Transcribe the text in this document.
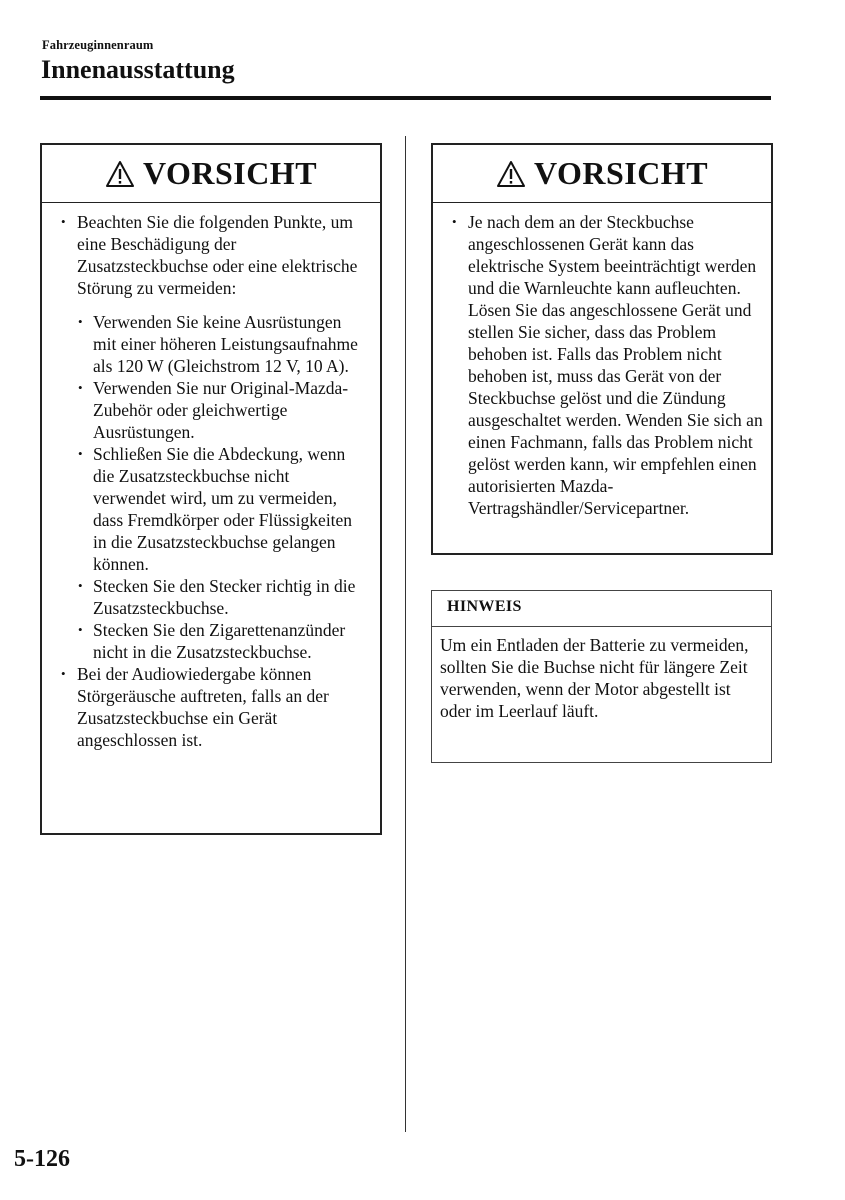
Fahrzeuginnenraum
Innenausstattung
VORSICHT
• Beachten Sie die folgenden Punkte, um eine Beschädigung der Zusatzsteckbuchse oder eine elektrische Störung zu vermeiden:
• Verwenden Sie keine Ausrüstungen mit einer höheren Leistungsaufnahme als 120 W (Gleichstrom 12 V, 10 A).
• Verwenden Sie nur Original-Mazda-Zubehör oder gleichwertige Ausrüstungen.
• Schließen Sie die Abdeckung, wenn die Zusatzsteckbuchse nicht verwendet wird, um zu vermeiden, dass Fremdkörper oder Flüssigkeiten in die Zusatzsteckbuchse gelangen können.
• Stecken Sie den Stecker richtig in die Zusatzsteckbuchse.
• Stecken Sie den Zigarettenanzünder nicht in die Zusatzsteckbuchse.
• Bei der Audiowiedergabe können Störgeräusche auftreten, falls an der Zusatzsteckbuchse ein Gerät angeschlossen ist.
VORSICHT
• Je nach dem an der Steckbuchse angeschlossenen Gerät kann das elektrische System beeinträchtigt werden und die Warnleuchte kann aufleuchten. Lösen Sie das angeschlossene Gerät und stellen Sie sicher, dass das Problem behoben ist. Falls das Problem nicht behoben ist, muss das Gerät von der Steckbuchse gelöst und die Zündung ausgeschaltet werden. Wenden Sie sich an einen Fachmann, falls das Problem nicht gelöst werden kann, wir empfehlen einen autorisierten Mazda-Vertragshändler/Servicepartner.
HINWEIS
Um ein Entladen der Batterie zu vermeiden, sollten Sie die Buchse nicht für längere Zeit verwenden, wenn der Motor abgestellt ist oder im Leerlauf läuft.
5-126
